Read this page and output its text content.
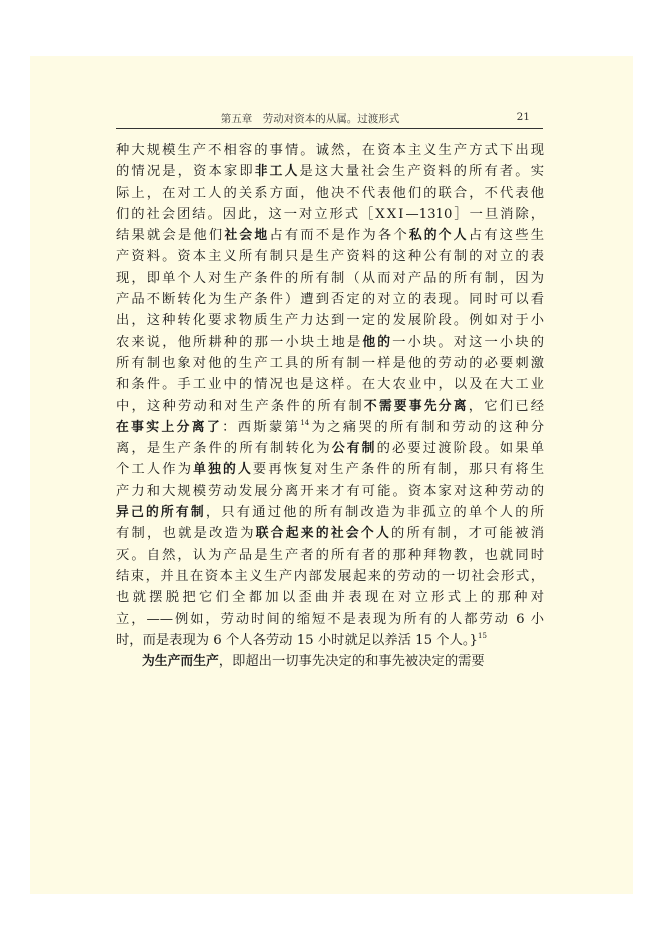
第五章　劳动对资本的从属。过渡形式	21
种大规模生产不相容的事情。诚然，在资本主义生产方式下出现
的情况是，资本家即非工人是这大量社会生产资料的所有者。实
际上，在对工人的关系方面，他决不代表他们的联合，不代表他
们的社会团结。因此，这一对立形式［ⅩⅩⅠ—1310］一旦消除，
结果就会是他们社会地占有而不是作为各个私的个人占有这些生
产资料。资本主义所有制只是生产资料的这种公有制的对立的表
现，即单个人对生产条件的所有制（从而对产品的所有制，因为
产品不断转化为生产条件）遭到否定的对立的表现。同时可以看
出，这种转化要求物质生产力达到一定的发展阶段。例如对于小
农来说，他所耕种的那一小块土地是他的一小块。对这一小块的
所有制也象对他的生产工具的所有制一样是他的劳动的必要刺激
和条件。手工业中的情况也是这样。在大农业中，以及在大工业
中，这种劳动和对生产条件的所有制不需要事先分离，它们已经
在事实上分离了：西斯蒙第$^{14}$为之痛哭的所有制和劳动的这种分
离，是生产条件的所有制转化为公有制的必要过渡阶段。如果单
个工人作为单独的人要再恢复对生产条件的所有制，那只有将生
产力和大规模劳动发展分离开来才有可能。资本家对这种劳动的
异己的所有制，只有通过他的所有制改造为非孤立的单个人的所
有制，也就是改造为联合起来的社会个人的所有制，才可能被消
灭。自然，认为产品是生产者的所有者的那种拜物教，也就同时
结束，并且在资本主义生产内部发展起来的劳动的一切社会形式，
也就摆脱把它们全都加以歪曲并表现在对立形式上的那种对
立，——例如，劳动时间的缩短不是表现为所有的人都劳动 6 小
时，而是表现为 6 个人各劳动 15 小时就足以养活 15 个人。}$^{15}$
为生产而生产，即超出一切事先决定的和事先被决定的需要
